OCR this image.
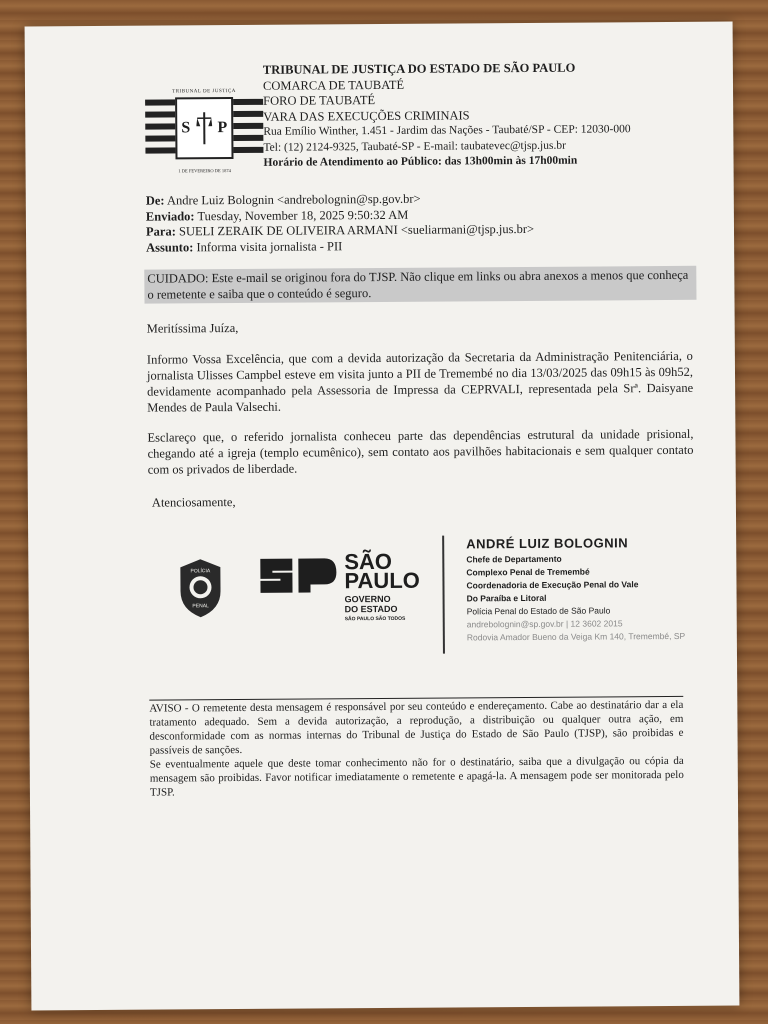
TRIBUNAL DE JUSTIÇA
S P
1 DE FEVEREIRO DE 1874
TRIBUNAL DE JUSTIÇA DO ESTADO DE SÃO PAULO
COMARCA DE TAUBATÉ
FORO DE TAUBATÉ
VARA DAS EXECUÇÕES CRIMINAIS
Rua Emílio Winther, 1.451 - Jardim das Nações - Taubaté/SP - CEP: 12030-000
Tel: (12) 2124-9325, Taubaté-SP - E-mail: taubatevec@tjsp.jus.br
Horário de Atendimento ao Público: das 13h00min às 17h00min
De: Andre Luiz Bolognin <andrebolognin@sp.gov.br>
Enviado: Tuesday, November 18, 2025 9:50:32 AM
Para: SUELI ZERAIK DE OLIVEIRA ARMANI <sueliarmani@tjsp.jus.br>
Assunto: Informa visita jornalista - PII
CUIDADO: Este e-mail se originou fora do TJSP. Não clique em links ou abra anexos a menos que conheça o remetente e saiba que o conteúdo é seguro.
Meritíssima Juíza,
Informo Vossa Excelência, que com a devida autorização da Secretaria da Administração Penitenciária, o jornalista Ulisses Campbel esteve em visita junto a PII de Tremembé no dia 13/03/2025 das 09h15 às 09h52, devidamente acompanhado pela Assessoria de Impressa da CEPRVALI, representada pela Srª. Daisyane Mendes de Paula Valsechi.
Esclareço que, o referido jornalista conheceu parte das dependências estrutural da unidade prisional, chegando até a igreja (templo ecumênico), sem contato aos pavilhões habitacionais e sem qualquer contato com os privados de liberdade.
Atenciosamente,
POLÍCIA
PENAL
SÃO
PAULO
GOVERNO
DO ESTADO
SÃO PAULO SÃO TODOS
ANDRÉ LUIZ BOLOGNIN
Chefe de Departamento
Complexo Penal de Tremembé
Coordenadoria de Execução Penal do Vale
Do Paraíba e Litoral
Polícia Penal do Estado de São Paulo
andrebolognin@sp.gov.br | 12 3602 2015
Rodovia Amador Bueno da Veiga Km 140, Tremembé, SP
AVISO - O remetente desta mensagem é responsável por seu conteúdo e endereçamento. Cabe ao destinatário dar a ela tratamento adequado. Sem a devida autorização, a reprodução, a distribuição ou qualquer outra ação, em desconformidade com as normas internas do Tribunal de Justiça do Estado de São Paulo (TJSP), são proibidas e passíveis de sanções.
Se eventualmente aquele que deste tomar conhecimento não for o destinatário, saiba que a divulgação ou cópia da mensagem são proibidas. Favor notificar imediatamente o remetente e apagá-la. A mensagem pode ser monitorada pelo TJSP.
